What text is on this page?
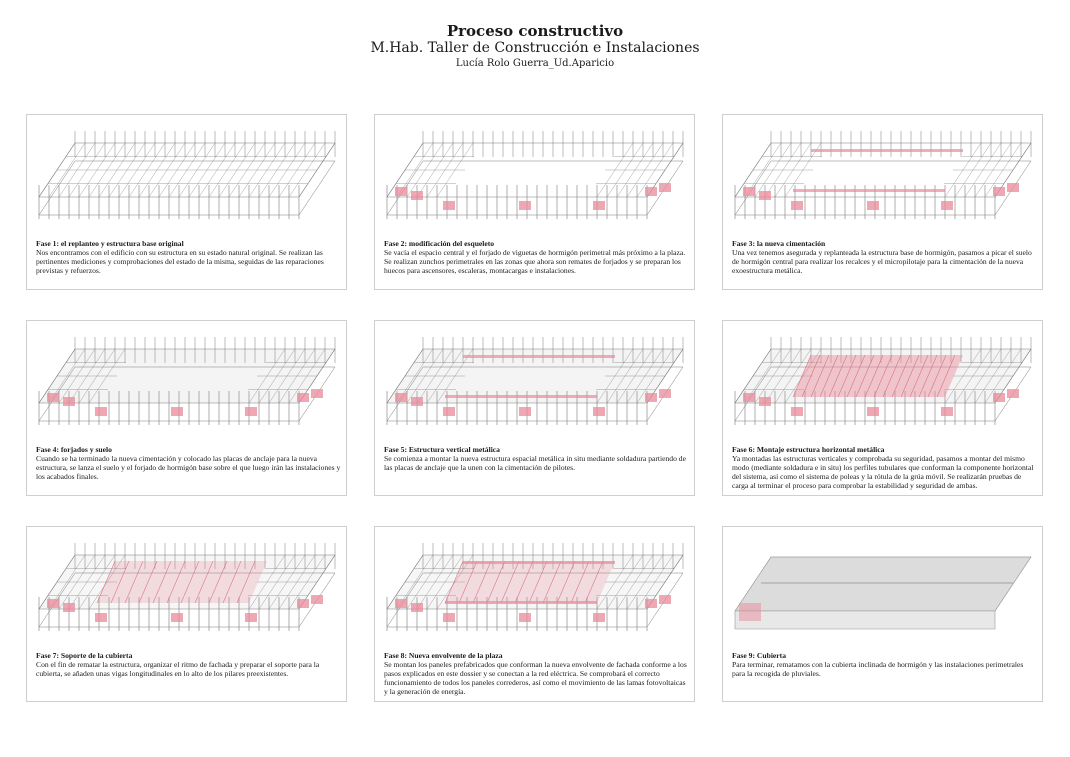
Proceso constructivo
M.Hab. Taller de Construcción e Instalaciones
Lucía Rolo Guerra_Ud.Aparicio
Fase 1: el replanteo y estructura base original
Nos encontramos con el edificio con su estructura en su estado natural original. Se realizan las pertinentes mediciones y comprobaciones del estado de la misma, seguidas de las reparaciones previstas y refuerzos.
Fase 2: modificación del esqueleto
Se vacía el espacio central y el forjado de viguetas de hormigón perimetral más próximo a la plaza. Se realizan zunchos perimetrales en las zonas que ahora son remates de forjados y se preparan los huecos para ascensores, escaleras, montacargas e instalaciones.
Fase 3: la nueva cimentación
Una vez tenemos asegurada y replanteada la estructura base de hormigón, pasamos a picar el suelo de hormigón central para realizar los recalces y el micropilotaje para la cimentación de la nueva exoestructura metálica.
Fase 4: forjados y suelo
Cuando se ha terminado la nueva cimentación y colocado las placas de anclaje para la nueva estructura, se lanza el suelo y el forjado de hormigón base sobre el que luego irán las instalaciones y los acabados finales.
Fase 5: Estructura vertical metálica
Se comienza a montar la nueva estructura espacial metálica in situ mediante soldadura partiendo de las placas de anclaje que la unen con la cimentación de pilotes.
Fase 6: Montaje estructura horizontal metálica
Ya montadas las estructuras verticales y comprobada su seguridad, pasamos a montar del mismo modo (mediante soldadura e in situ) los perfiles tubulares que conforman la componente horizontal del sistema, así como el sistema de poleas y la rótula de la grúa móvil. Se realizarán pruebas de carga al terminar el proceso para comprobar la estabilidad y seguridad de ambas.
Fase 7: Soporte de la cubierta
Con el fin de rematar la estructura, organizar el ritmo de fachada y preparar el soporte para la cubierta, se añaden unas vigas longitudinales en lo alto de los pilares preexistentes.
Fase 8: Nueva envolvente de la plaza
Se montan los paneles prefabricados que conforman la nueva envolvente de fachada conforme a los pasos explicados en este dossier y se conectan a la red eléctrica. Se comprobará el correcto funcionamiento de todos los paneles correderos, así como el movimiento de las lamas fotovoltaicas y la generación de energía.
Fase 9: Cubierta
Para terminar, rematamos con la cubierta inclinada de hormigón y las instalaciones perimetrales para la recogida de pluviales.
